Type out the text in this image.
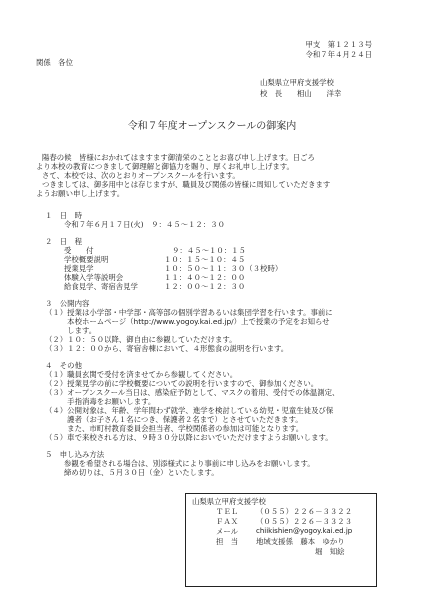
甲支　第１２１３号
令和７年４月２４日
関係　各位
山梨県立甲府支援学校
校　長　　相山　　洋幸
令和７年度オープンスクールの御案内
陽春の候　皆様におかれてはますます御清栄のこととお喜び申し上げます。日ごろ
より本校の教育につきまして御理解と御協力を賜り、厚くお礼申し上げます。
さて、本校では、次のとおりオープンスクールを行います。
つきましては、御多用中とは存じますが、職員及び関係の皆様に周知していただきます
ようお願い申し上げます。
１　日　時
令和７年６月１７日(火)　９：４５～１２：３０
２　日　程
受　　付	９：４５～１０：１５
学校概要説明	１０：１５～１０：４５
授業見学	１０：５０～１１：３０（３校時）
体験入学等説明会	１１：４０～１２：００
給食見学、寄宿舎見学	１２：００～１２：３０
３　公開内容
（１）授業は小学部・中学部・高等部の個別学習あるいは集団学習を行います。事前に
　　　本校ホームページ（http://www.yogoy.kai.ed.jp/）上で授業の予定をお知らせ
　　　します。
（２）１０：５０以降、御自由に参観していただけます。
（３）１２：００から、寄宿舎棟において、４形態食の説明を行います。
４　その他
（１）職員玄関で受付を済ませてから参観してください。
（２）授業見学の前に学校概要についての説明を行いますので、御参加ください。
（３）オープンスクール当日は、感染症予防として、マスクの着用、受付での体温測定、
　　　手指消毒をお願いします。
（４）公開対象は、年齢、学年問わず就学、進学を検討している幼児・児童生徒及び保
　　　護者（お子さん１名につき、保護者２名まで）とさせていただきます。
　　　また、市町村教育委員会担当者、学校関係者の参加は可能となります。
（５）車で来校される方は、９時３０分以降においでいただけますようお願いします。
５　申し込み方法
参観を希望される場合は、別添様式により事前に申し込みをお願いします。
締め切りは、５月３０日（金）といたします。
山梨県立甲府支援学校
ＴＥＬ （０５５）２２６－３３２２
ＦＡＸ （０５５）２２６－３３２３
メール	chiikishien@yogoy.kai.ed.jp
担　当 地域支援係　藤本　ゆかり
堀　知絵
